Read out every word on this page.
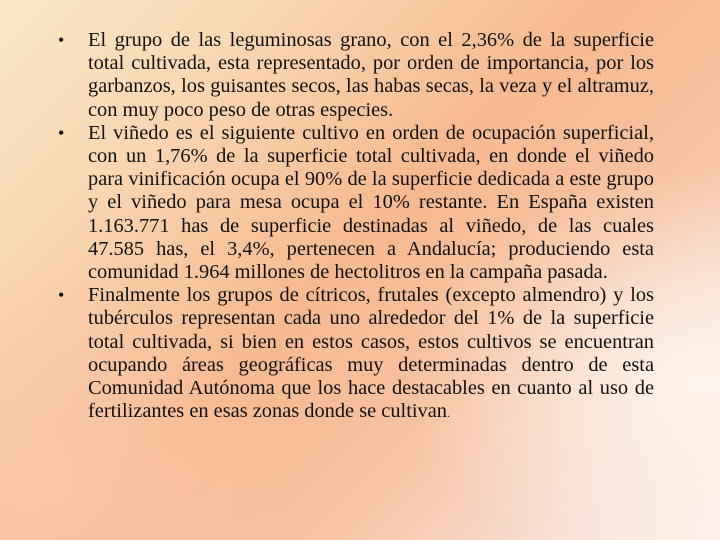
• El grupo de las leguminosas grano, con el 2,36% de la superficie total cultivada, esta representado, por orden de importancia, por los garbanzos, los guisantes secos, las habas secas, la veza y el altramuz, con muy poco peso de otras especies.
• El viñedo es el siguiente cultivo en orden de ocupación superficial, con un 1,76% de la superficie total cultivada, en donde el viñedo para vinificación ocupa el 90% de la superficie dedicada a este grupo y el viñedo para mesa ocupa el 10% restante. En España existen 1.163.771 has de superficie destinadas al viñedo, de las cuales 47.585 has, el 3,4%, pertenecen a Andalucía; produciendo esta comunidad 1.964 millones de hectolitros en la campaña pasada.
• Finalmente los grupos de cítricos, frutales (excepto almendro) y los tubérculos representan cada uno alrededor del 1% de la superficie total cultivada, si bien en estos casos, estos cultivos se encuentran ocupando áreas geográficas muy determinadas dentro de esta Comunidad Autónoma que los hace destacables en cuanto al uso de fertilizantes en esas zonas donde se cultivan.
